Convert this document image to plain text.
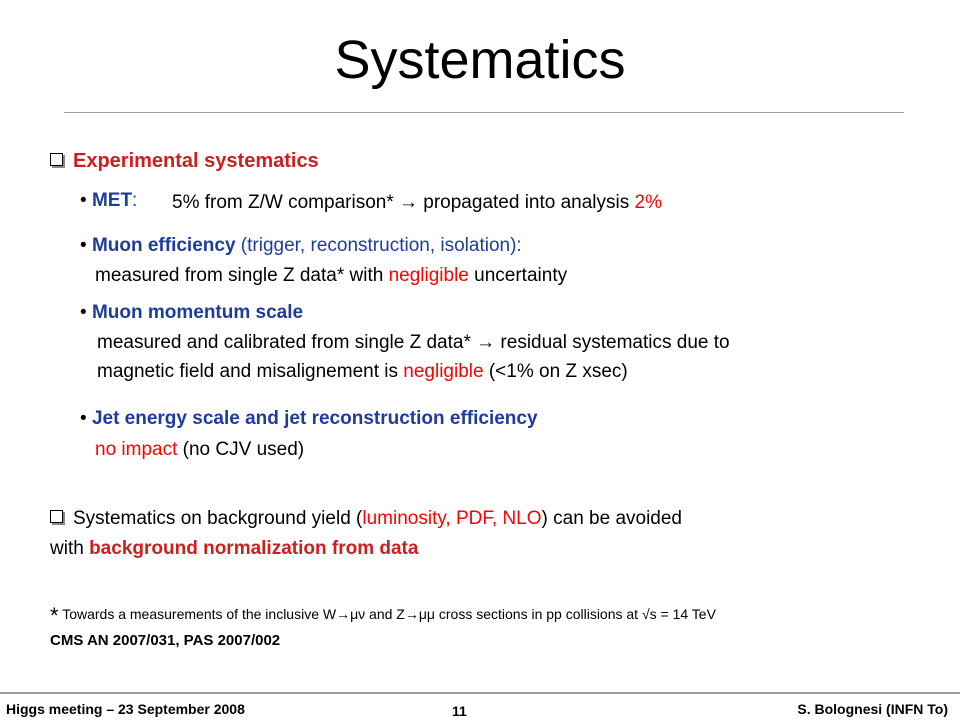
Systematics
Experimental systematics
• MET: 5% from Z/W comparison* → propagated into analysis 2%
• Muon efficiency (trigger, reconstruction, isolation):
measured from single Z data* with negligible uncertainty
• Muon momentum scale
measured and calibrated from single Z data* → residual systematics due to
magnetic field and misalignement is negligible (<1% on Z xsec)
• Jet energy scale and jet reconstruction efficiency
no impact (no CJV used)
Systematics on background yield (luminosity, PDF, NLO) can be avoided
with background normalization from data
* Towards a measurements of the inclusive W→μν and Z→μμ cross sections in pp collisions at √s = 14 TeV
CMS AN 2007/031, PAS 2007/002
Higgs meeting – 23 September 2008	11	S. Bolognesi (INFN To)
